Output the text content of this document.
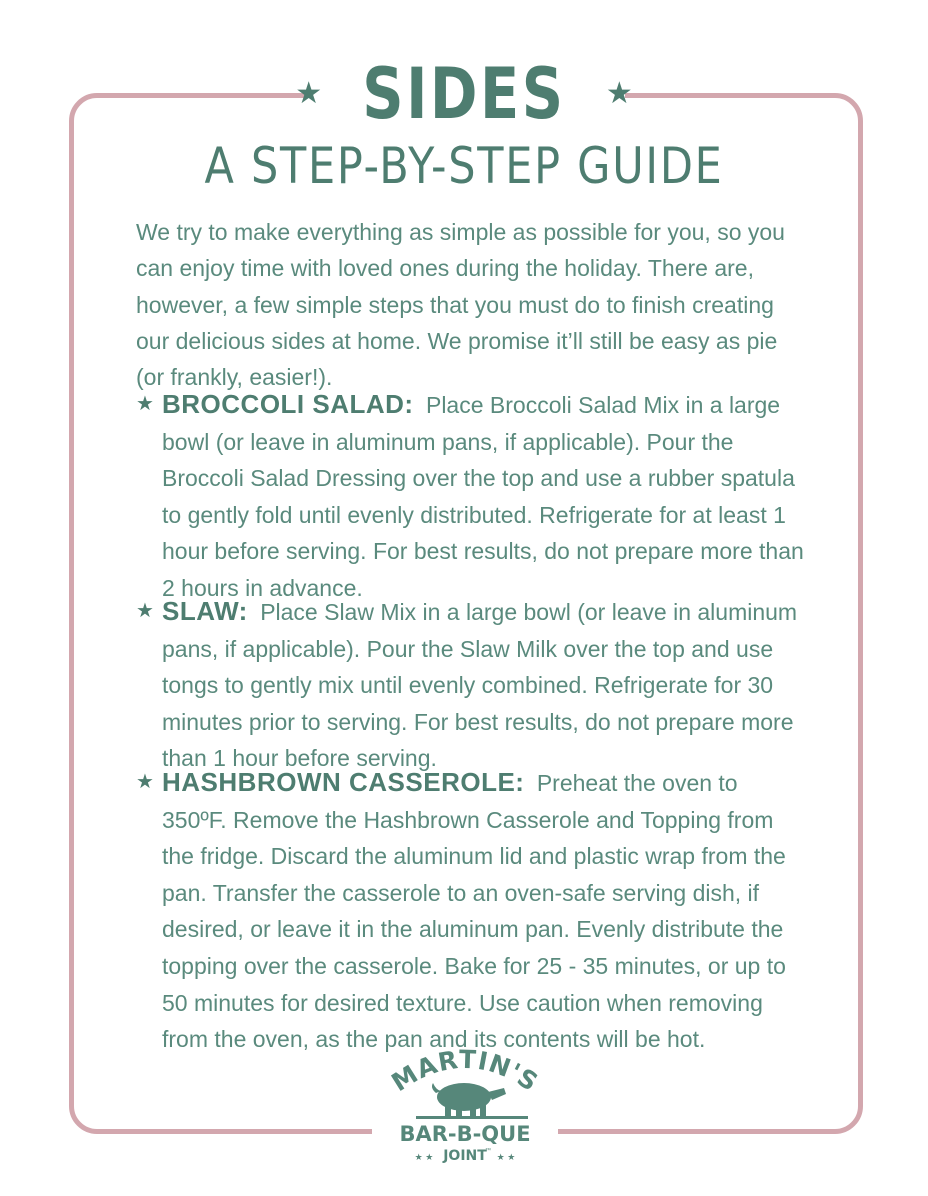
★ SIDES ★
A STEP-BY-STEP GUIDE

We try to make everything as simple as possible for you, so you can enjoy time with loved ones during the holiday. There are, however, a few simple steps that you must do to finish creating our delicious sides at home. We promise it’ll still be easy as pie (or frankly, easier!).

★ BROCCOLI SALAD: Place Broccoli Salad Mix in a large bowl (or leave in aluminum pans, if applicable). Pour the Broccoli Salad Dressing over the top and use a rubber spatula to gently fold until evenly distributed. Refrigerate for at least 1 hour before serving. For best results, do not prepare more than 2 hours in advance.
★ SLAW: Place Slaw Mix in a large bowl (or leave in aluminum pans, if applicable). Pour the Slaw Milk over the top and use tongs to gently mix until evenly combined. Refrigerate for 30 minutes prior to serving. For best results, do not prepare more than 1 hour before serving.
★ HASHBROWN CASSEROLE: Preheat the oven to 350ºF. Remove the Hashbrown Casserole and Topping from the fridge. Discard the aluminum lid and plastic wrap from the pan. Transfer the casserole to an oven-safe serving dish, if desired, or leave it in the aluminum pan. Evenly distribute the topping over the casserole. Bake for 25 - 35 minutes, or up to 50 minutes for desired texture. Use caution when removing from the oven, as the pan and its contents will be hot.
MARTIN'S
BAR-B-QUE
★ ★ JOINT
™
★ ★
